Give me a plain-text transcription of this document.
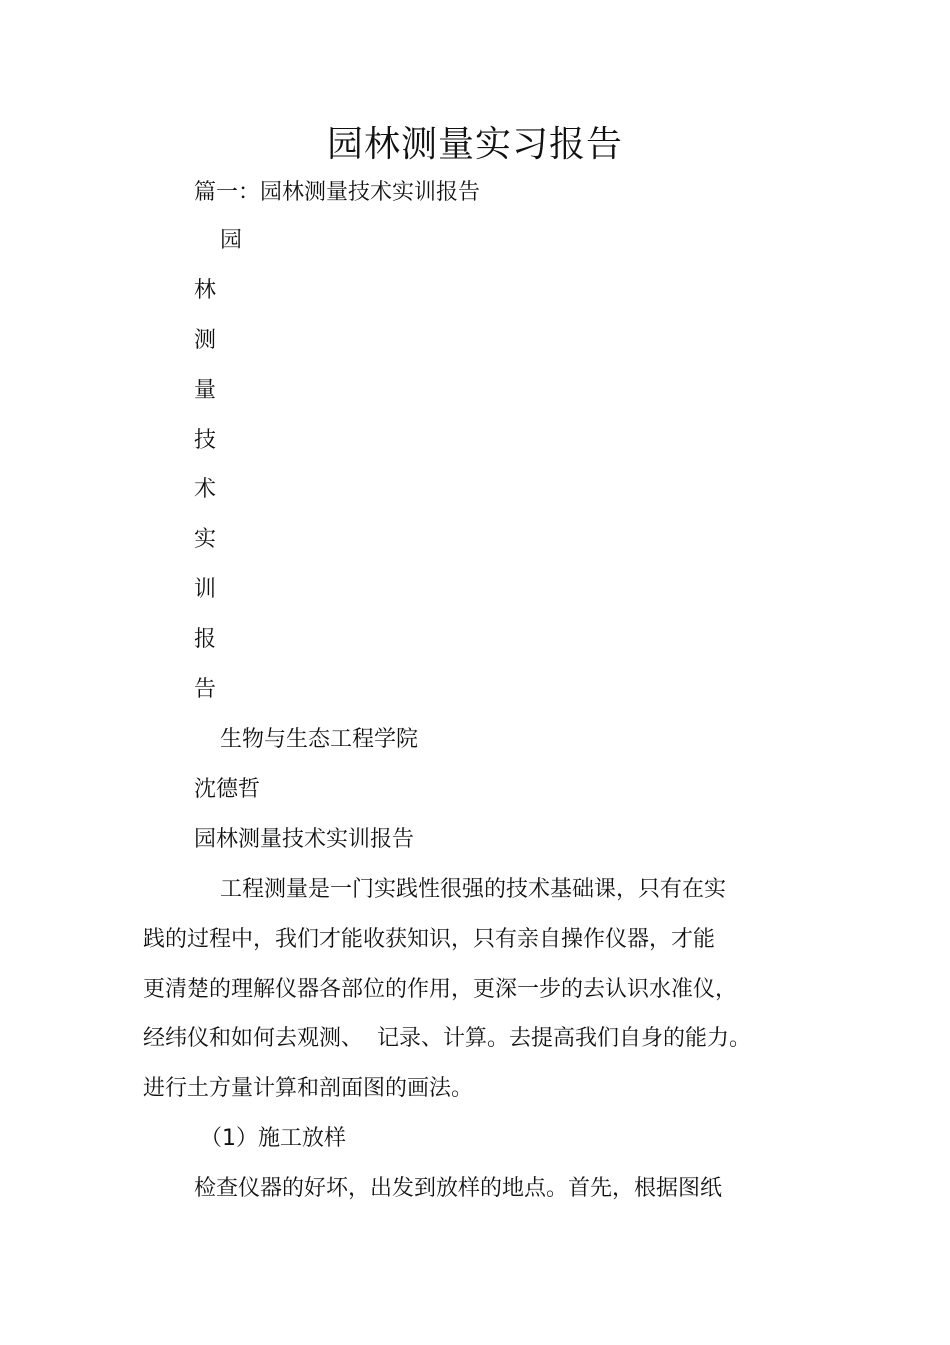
园林测量实习报告
篇一：园林测量技术实训报告
园
林
测
量
技
术
实
训
报
告
生物与生态工程学院
沈德哲
园林测量技术实训报告
工程测量是一门实践性很强的技术基础课，只有在实
践的过程中，我们才能收获知识，只有亲自操作仪器，才能
更清楚的理解仪器各部位的作用，更深一步的去认识水准仪，
经纬仪和如何去观测、  记录、计算。去提高我们自身的能力。
进行土方量计算和剖面图的画法。
（1）施工放样
检查仪器的好坏，出发到放样的地点。首先，根据图纸
